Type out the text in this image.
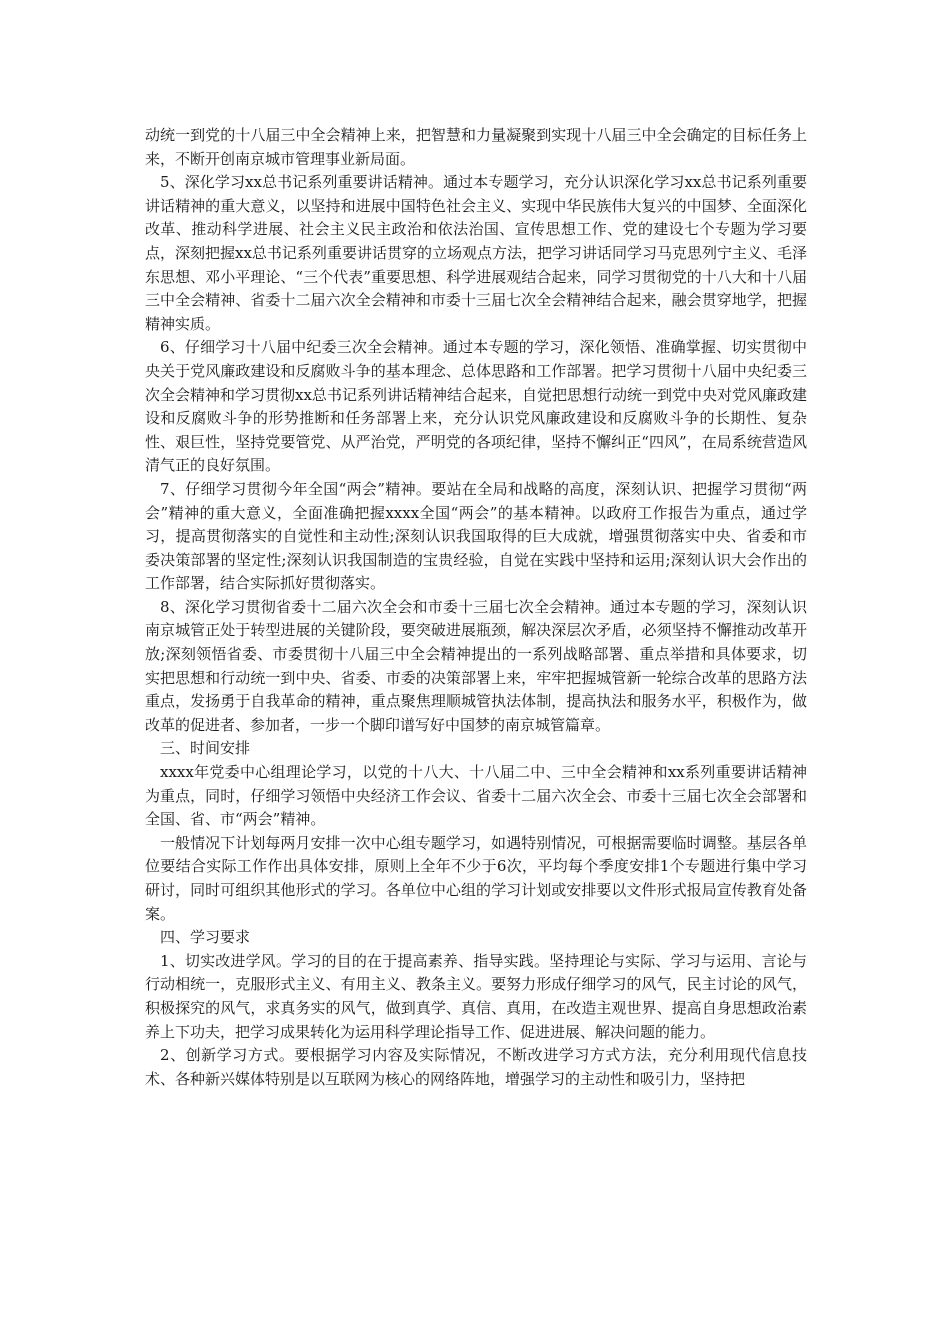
动统一到党的十八届三中全会精神上来，把智慧和力量凝聚到实现十八届三中全会确定的目标任务上来，不断开创南京城市管理事业新局面。

5、深化学习xx总书记系列重要讲话精神。通过本专题学习，充分认识深化学习xx总书记系列重要讲话精神的重大意义，以坚持和进展中国特色社会主义、实现中华民族伟大复兴的中国梦、全面深化改革、推动科学进展、社会主义民主政治和依法治国、宣传思想工作、党的建设七个专题为学习要点，深刻把握xx总书记系列重要讲话贯穿的立场观点方法，把学习讲话同学习马克思列宁主义、毛泽东思想、邓小平理论、“三个代表”重要思想、科学进展观结合起来，同学习贯彻党的十八大和十八届三中全会精神、省委十二届六次全会精神和市委十三届七次全会精神结合起来，融会贯穿地学，把握精神实质。

6、仔细学习十八届中纪委三次全会精神。通过本专题的学习，深化领悟、准确掌握、切实贯彻中央关于党风廉政建设和反腐败斗争的基本理念、总体思路和工作部署。把学习贯彻十八届中央纪委三次全会精神和学习贯彻xx总书记系列讲话精神结合起来，自觉把思想行动统一到党中央对党风廉政建设和反腐败斗争的形势推断和任务部署上来，充分认识党风廉政建设和反腐败斗争的长期性、复杂性、艰巨性，坚持党要管党、从严治党，严明党的各项纪律，坚持不懈纠正“四风”，在局系统营造风清气正的良好氛围。

7、仔细学习贯彻今年全国“两会”精神。要站在全局和战略的高度，深刻认识、把握学习贯彻“两会”精神的重大意义，全面准确把握xxxx全国“两会”的基本精神。以政府工作报告为重点，通过学习，提高贯彻落实的自觉性和主动性;深刻认识我国取得的巨大成就，增强贯彻落实中央、省委和市委决策部署的坚定性;深刻认识我国制造的宝贵经验，自觉在实践中坚持和运用;深刻认识大会作出的工作部署，结合实际抓好贯彻落实。

8、深化学习贯彻省委十二届六次全会和市委十三届七次全会精神。通过本专题的学习，深刻认识南京城管正处于转型进展的关键阶段，要突破进展瓶颈，解决深层次矛盾，必须坚持不懈推动改革开放;深刻领悟省委、市委贯彻十八届三中全会精神提出的一系列战略部署、重点举措和具体要求，切实把思想和行动统一到中央、省委、市委的决策部署上来，牢牢把握城管新一轮综合改革的思路方法重点，发扬勇于自我革命的精神，重点聚焦理顺城管执法体制，提高执法和服务水平，积极作为，做改革的促进者、参加者，一步一个脚印谱写好中国梦的南京城管篇章。

三、时间安排

xxxx年党委中心组理论学习，以党的十八大、十八届二中、三中全会精神和xx系列重要讲话精神为重点，同时，仔细学习领悟中央经济工作会议、省委十二届六次全会、市委十三届七次全会部署和全国、省、市“两会”精神。

一般情况下计划每两月安排一次中心组专题学习，如遇特别情况，可根据需要临时调整。基层各单位要结合实际工作作出具体安排，原则上全年不少于6次，平均每个季度安排1个专题进行集中学习研讨，同时可组织其他形式的学习。各单位中心组的学习计划或安排要以文件形式报局宣传教育处备案。

四、学习要求

1、切实改进学风。学习的目的在于提高素养、指导实践。坚持理论与实际、学习与运用、言论与行动相统一，克服形式主义、有用主义、教条主义。要努力形成仔细学习的风气，民主讨论的风气，积极探究的风气，求真务实的风气，做到真学、真信、真用，在改造主观世界、提高自身思想政治素养上下功夫，把学习成果转化为运用科学理论指导工作、促进进展、解决问题的能力。

2、创新学习方式。要根据学习内容及实际情况，不断改进学习方式方法，充分利用现代信息技术、各种新兴媒体特别是以互联网为核心的网络阵地，增强学习的主动性和吸引力，坚持把
